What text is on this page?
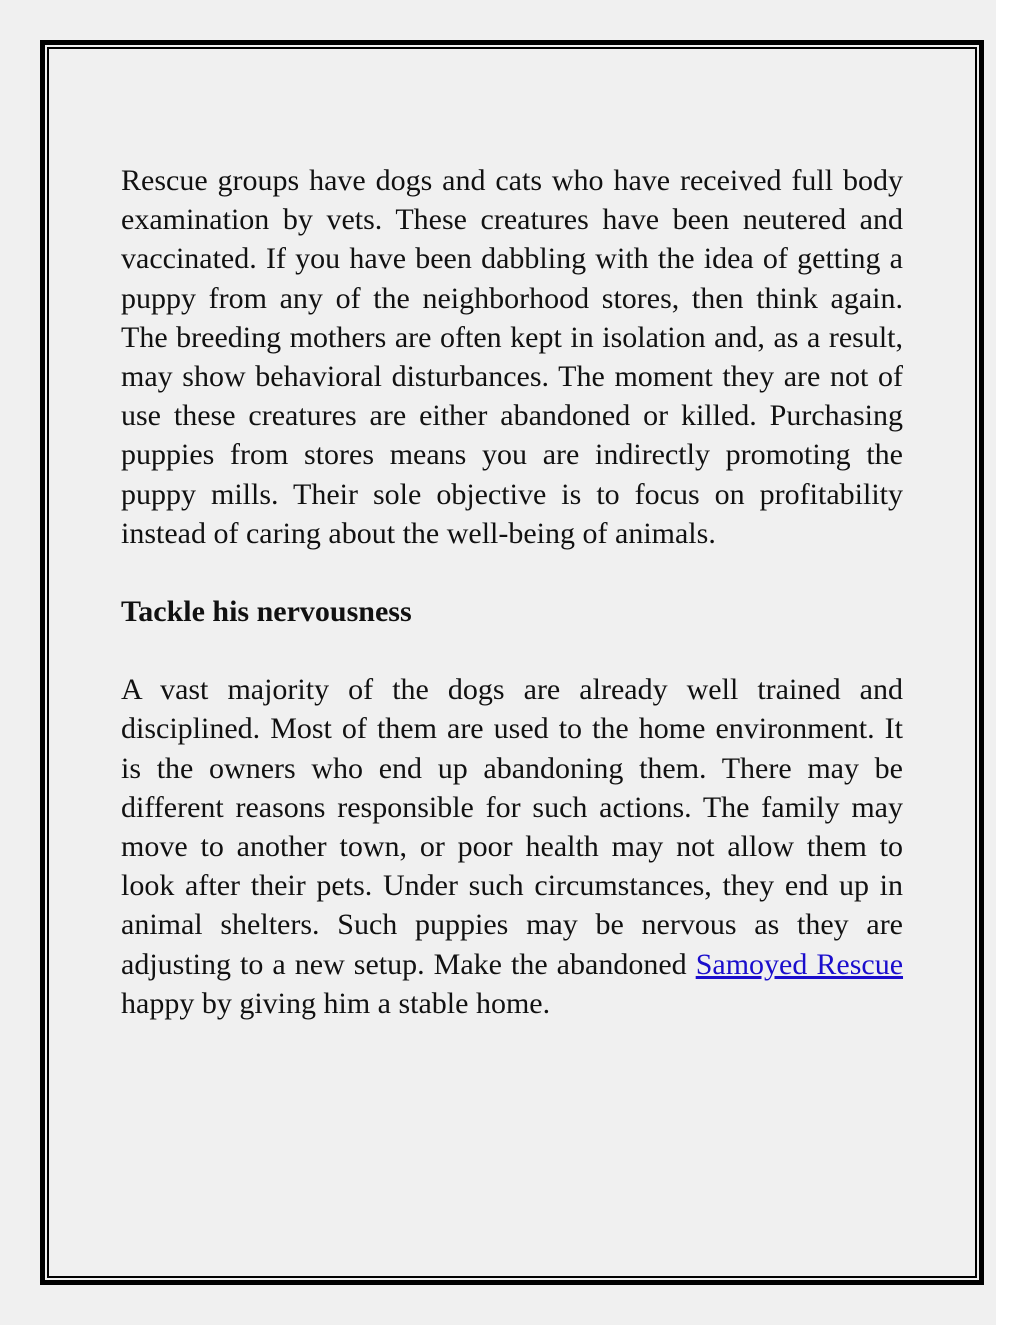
Rescue groups have dogs and cats who have received full body examination by vets. These creatures have been neutered and vaccinated. If you have been dabbling with the idea of getting a puppy from any of the neighborhood stores, then think again. The breeding mothers are often kept in isolation and, as a result, may show behavioral disturbances. The moment they are not of use these creatures are either abandoned or killed. Purchasing puppies from stores means you are indirectly promoting the puppy mills. Their sole objective is to focus on profitability instead of caring about the well-being of animals.

Tackle his nervousness

A vast majority of the dogs are already well trained and disciplined. Most of them are used to the home environment. It is the owners who end up abandoning them. There may be different reasons responsible for such actions. The family may move to another town, or poor health may not allow them to look after their pets. Under such circumstances, they end up in animal shelters. Such puppies may be nervous as they are adjusting to a new setup. Make the abandoned Samoyed Rescue happy by giving him a stable home.
